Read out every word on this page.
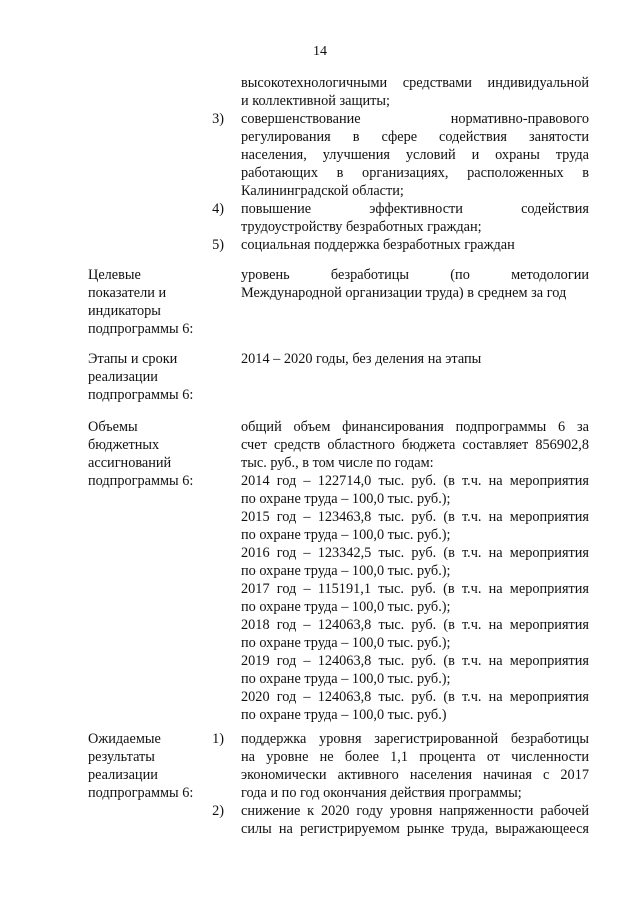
14
высокотехнологичными средствами индивидуальной
и коллективной защиты;
3) совершенствование нормативно-правового
регулирования в сфере содействия занятости
населения, улучшения условий и охраны труда
работающих в организациях, расположенных в
Калининградской области;
4) повышение эффективности содействия
трудоустройству безработных граждан;
5) социальная поддержка безработных граждан
Целевые
показатели и
индикаторы
подпрограммы 6:
уровень безработицы (по методологии
Международной организации труда) в среднем за год
Этапы и сроки
реализации
подпрограммы 6:
2014 – 2020 годы, без деления на этапы
Объемы
бюджетных
ассигнований
подпрограммы 6:
общий объем финансирования подпрограммы 6 за
счет средств областного бюджета составляет 856902,8
тыс. руб., в том числе по годам:
2014 год – 122714,0 тыс. руб. (в т.ч. на мероприятия
по охране труда – 100,0 тыс. руб.);
2015 год – 123463,8 тыс. руб. (в т.ч. на мероприятия
по охране труда – 100,0 тыс. руб.);
2016 год – 123342,5 тыс. руб. (в т.ч. на мероприятия
по охране труда – 100,0 тыс. руб.);
2017 год – 115191,1 тыс. руб. (в т.ч. на мероприятия
по охране труда – 100,0 тыс. руб.);
2018 год – 124063,8 тыс. руб. (в т.ч. на мероприятия
по охране труда – 100,0 тыс. руб.);
2019 год – 124063,8 тыс. руб. (в т.ч. на мероприятия
по охране труда – 100,0 тыс. руб.);
2020 год – 124063,8 тыс. руб. (в т.ч. на мероприятия
по охране труда – 100,0 тыс. руб.)
Ожидаемые
результаты
реализации
подпрограммы 6:
1) поддержка уровня зарегистрированной безработицы
на уровне не более 1,1 процента от численности
экономически активного населения начиная с 2017
года и по год окончания действия программы;
2) снижение к 2020 году уровня напряженности рабочей
силы на регистрируемом рынке труда, выражающееся
